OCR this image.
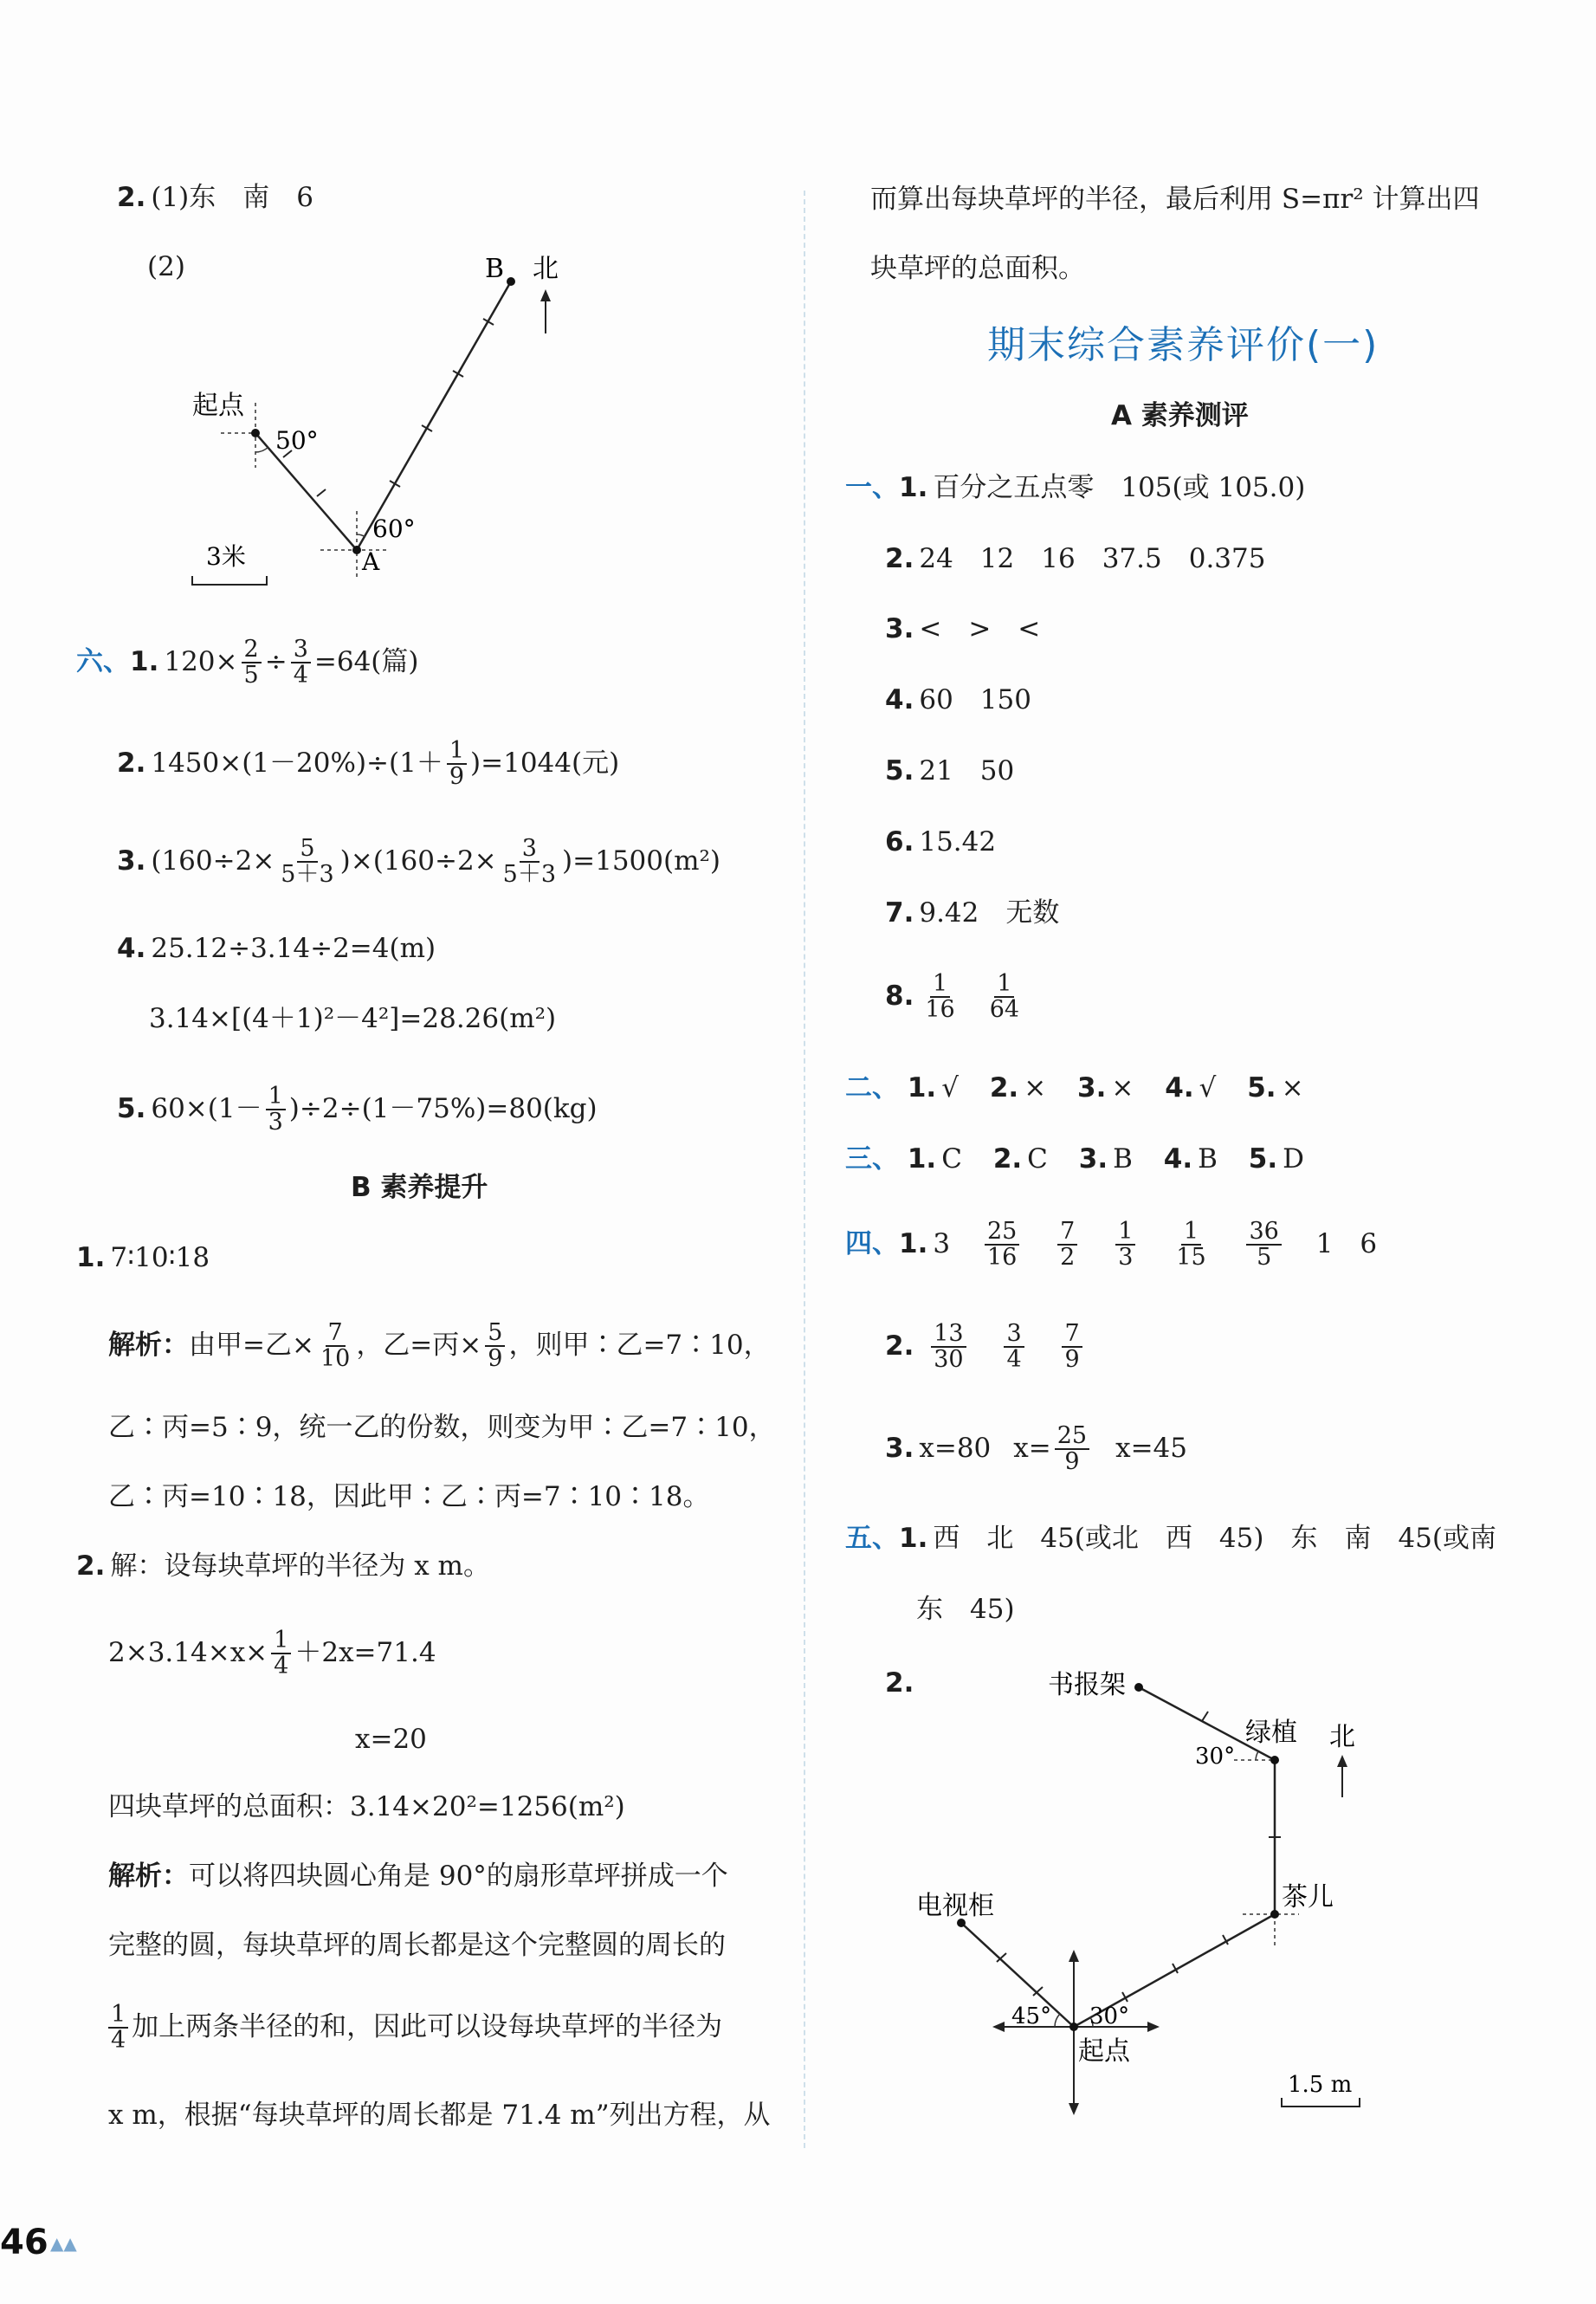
2. (1)东　南　6
(2)
起点
B 北
A
50°
60°
3米
六、1. $120\times \frac{2}{5} \div \frac{3}{4} =64$(篇)
2. $1450\times(1-20\%)\div(1+ \frac{1}{9} )=1044$(元)
3. $(160\div 2\times \frac{5}{5+3} )\times(160\div 2\times \frac{3}{5+3} )=1500(m^2)$
4. 25.12÷3.14÷2=4(m)
3.14×[(4＋1)²－4²]=28.26(m²)
5. $60\times(1- \frac{1}{3} )\div 2\div(1-75\%)=80(kg)$
B 素养提升
1. 7∶10∶18
解析：由甲=乙× $\frac{7}{10}$ ，乙=丙× $\frac{5}{9}$ ，则甲∶乙=7∶10，
乙∶丙=5∶9，统一乙的份数，则变为甲∶乙=7∶10，
乙∶丙=10∶18，因此甲∶乙∶丙=7∶10∶18。
2. 解：设每块草坪的半径为 x m。
$2\times 3.14\times x\times \frac{1}{4} +2x=71.4$
x=20
四块草坪的总面积：3.14×20²=1256(m²)
解析：可以将四块圆心角是 90°的扇形草坪拼成一个
完整的圆，每块草坪的周长都是这个完整圆的周长的
$\frac{1}{4}$ 加上两条半径的和，因此可以设每块草坪的半径为
x m，根据“每块草坪的周长都是 71.4 m”列出方程，从
而算出每块草坪的半径，最后利用 S=πr² 计算出四
块草坪的总面积。
期末综合素养评价(一)
A 素养测评
一、1. 百分之五点零　105(或 105.0)
2. 24　12　16　37.5　0.375
3. <　>　<
4. 60　150
5. 21　50
6. 15.42
7. 9.42　无数
8. $\frac{1}{16} \frac{1}{64}$
二、 1. √ 2. × 3. × 4. √ 5. ×
三、 1. C 2. C 3. B 4. B 5. D
四、1. $3 \frac{25}{16}$
$\frac{7}{2}$
$\frac{1}{3}$
$\frac{1}{15}$
$\frac{36}{5} 1$　6
2. $\frac{13}{30}$
$\frac{3}{4}$
$\frac{7}{9}$
3. x=80 $x= \frac{25}{9} x=45$
五、1. 西　北　45(或北　西　45)　东　南　45(或南
东　45)
2.	书报架
绿植 北
茶儿
电视柜
起点
30°
45° 30°
1.5 m
46 ▲▲
